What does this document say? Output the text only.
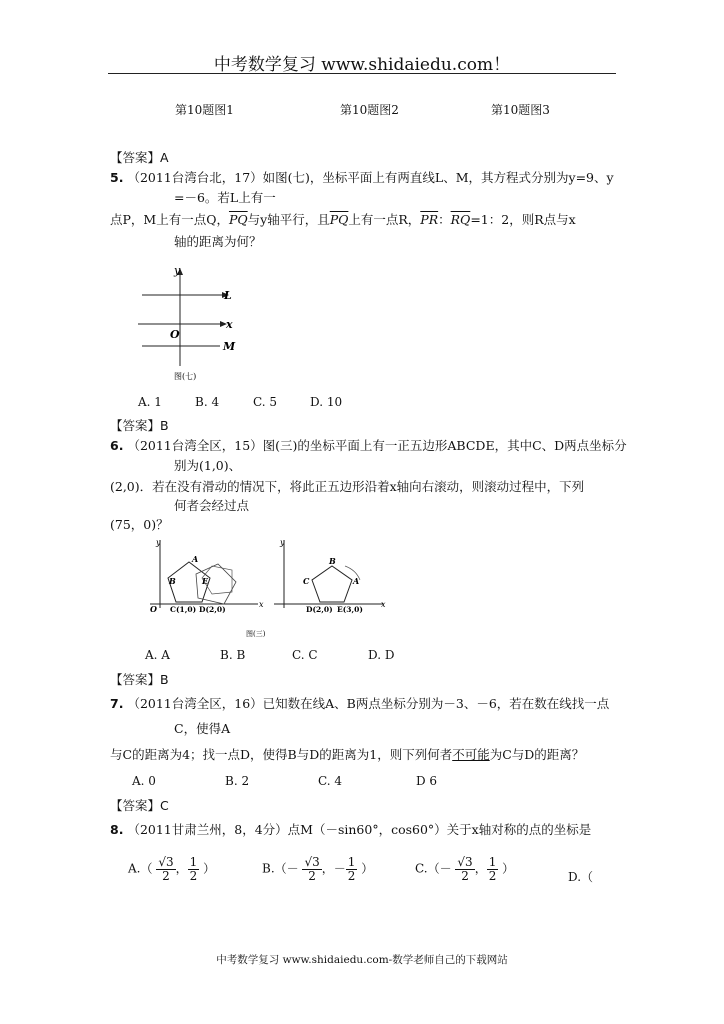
中考数学复习 www.shidaiedu.com！
第10题图1	第10题图2	第10题图3
【答案】A
5. （2011台湾台北，17）如图(七)，坐标平面上有两直线L、M，其方程式分别为y=9、y
=－6。若L上有一
点P，M上有一点Q，$\overline{PQ}$与y轴平行，且$\overline{PQ}$上有一点R，$\overline{PR}$：$\overline{RQ}=1$：2，则R点与x
轴的距离为何？
y
L
x
O
M
图(七)
A. 1	B. 4	C. 5	D. 10
【答案】B
6. （2011台湾全区，15）图(三)的坐标平面上有一正五边形ABCDE，其中C、D两点坐标分
别为(1,0)、
(2,0)．若在没有滑动的情况下，将此正五边形沿着x轴向右滚动，则滚动过程中，下列
何者会经过点
(75，0)？
y
x
O
A
B	E
C(1,0) D(2,0)
y
x
B
C	A
D(2,0) E(3,0)
图(三)
A. A	B. B	C. C	D. D
【答案】B
7. （2011台湾全区，16）已知数在线A、B两点坐标分别为－3、－6，若在数在线找一点
C，使得A
与C的距离为4；找一点D，使得B与D的距离为1，则下列何者不可能为C与D的距离？
A. 0	B. 2	C. 4	D 6
【答案】C
8. （2011甘肃兰州，8，4分）点M（－sin60°，cos60°）关于x轴对称的点的坐标是
$A.( \frac{√3}{2}$ ， $\frac{1}{2}$ ）	$B.(- \frac{√3}{2}$ ，－ $\frac{1}{2}$ ）	$C.(- \frac{√3}{2}$ ， $\frac{1}{2}$ ）
D.（
中考数学复习 www.shidaiedu.com-数学老师自己的下载网站
